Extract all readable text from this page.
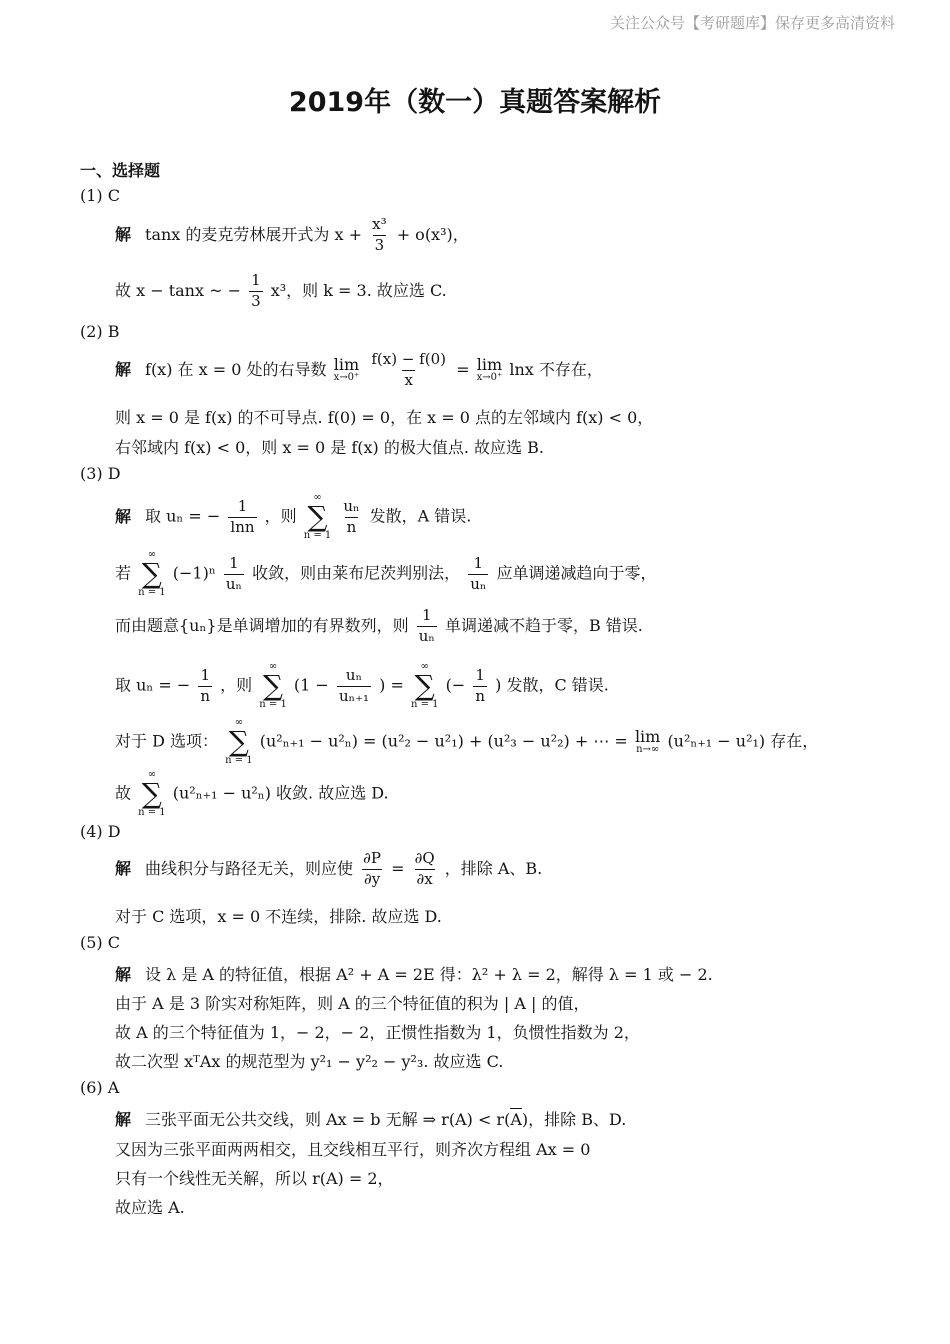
关注公众号【考研题库】保存更多高清资料
2019年（数一）真题答案解析
一、选择题
(1) C
解 tanx 的麦克劳林展开式为 $x + \frac{\text{x³}}{3} + o(x^3)$，
故 x − tanx ~ − $\frac{1}{3} x^3$，则 k = 3. 故应选 C.
(2) B
解 f(x) 在 x = 0 处的右导数 lim
x→0⁺
$\frac{f(x) - f(0)}{x} = \lim$
x→0⁺ lnx 不存在，
则 x = 0 是 f(x) 的不可导点. f(0) = 0，在 x = 0 点的左邻域内 f(x) < 0，
右邻域内 f(x) < 0，则 x = 0 是 f(x) 的极大值点. 故应选 B.
(3) D
解 取 uₙ = − $\frac{1}{\ln n}$ ，则
∞
∑
n = 1

$\frac{\text{uₙ}}{n}$ 发散，A 错误.
若
∞
∑
n = 1
$(-1)^n \frac{1}{\text{uₙ}}$ 收敛，则由莱布尼茨判别法， $\frac{1}{\text{uₙ}}$ 应单调递减趋向于零，
而由题意{uₙ}是单调增加的有界数列，则 $\frac{1}{\text{uₙ}}$ 单调递减不趋于零，B 错误.
取 uₙ = − $\frac{1}{n}$ ，则
∞
∑
n = 1
($1 - \frac{\text{uₙ}}{\text{uₙ₊₁}}$ ) =
∞
∑
n = 1
(− $\frac{1}{n}$ ) 发散，C 错误.
对于 D 选项：
∞
∑
n = 1
(u²ₙ₊₁ − u²ₙ) = (u²₂ − u²₁) + (u²₃ − u²₂) + ⋯ = lim
n→∞ (u²ₙ₊₁ − u²₁) 存在，
故
∞
∑
n = 1
(u²ₙ₊₁ − u²ₙ) 收敛. 故应选 D.
(4) D
解 曲线积分与路径无关，则应使 $\frac{\partial P}{\partial y} = \frac{\partial Q}{\partial x}$ ，排除 A、B.
对于 C 选项，x = 0 不连续，排除. 故应选 D.
(5) C
解 设 λ 是 A 的特征值，根据 A² + A = 2E 得：λ² + λ = 2，解得 λ = 1 或 − 2.
由于 A 是 3 阶实对称矩阵，则 A 的三个特征值的积为 | A | 的值，
故 A 的三个特征值为 1，− 2，− 2，正惯性指数为 1，负惯性指数为 2，
故二次型 xᵀAx 的规范型为 y²₁ − y²₂ − y²₃. 故应选 C.
(6) A
解 三张平面无公共交线，则 Ax = b 无解 ⇒ r(A) < r(A)，排除 B、D.
又因为三张平面两两相交，且交线相互平行，则齐次方程组 Ax = 0
只有一个线性无关解，所以 r(A) = 2，
故应选 A.
